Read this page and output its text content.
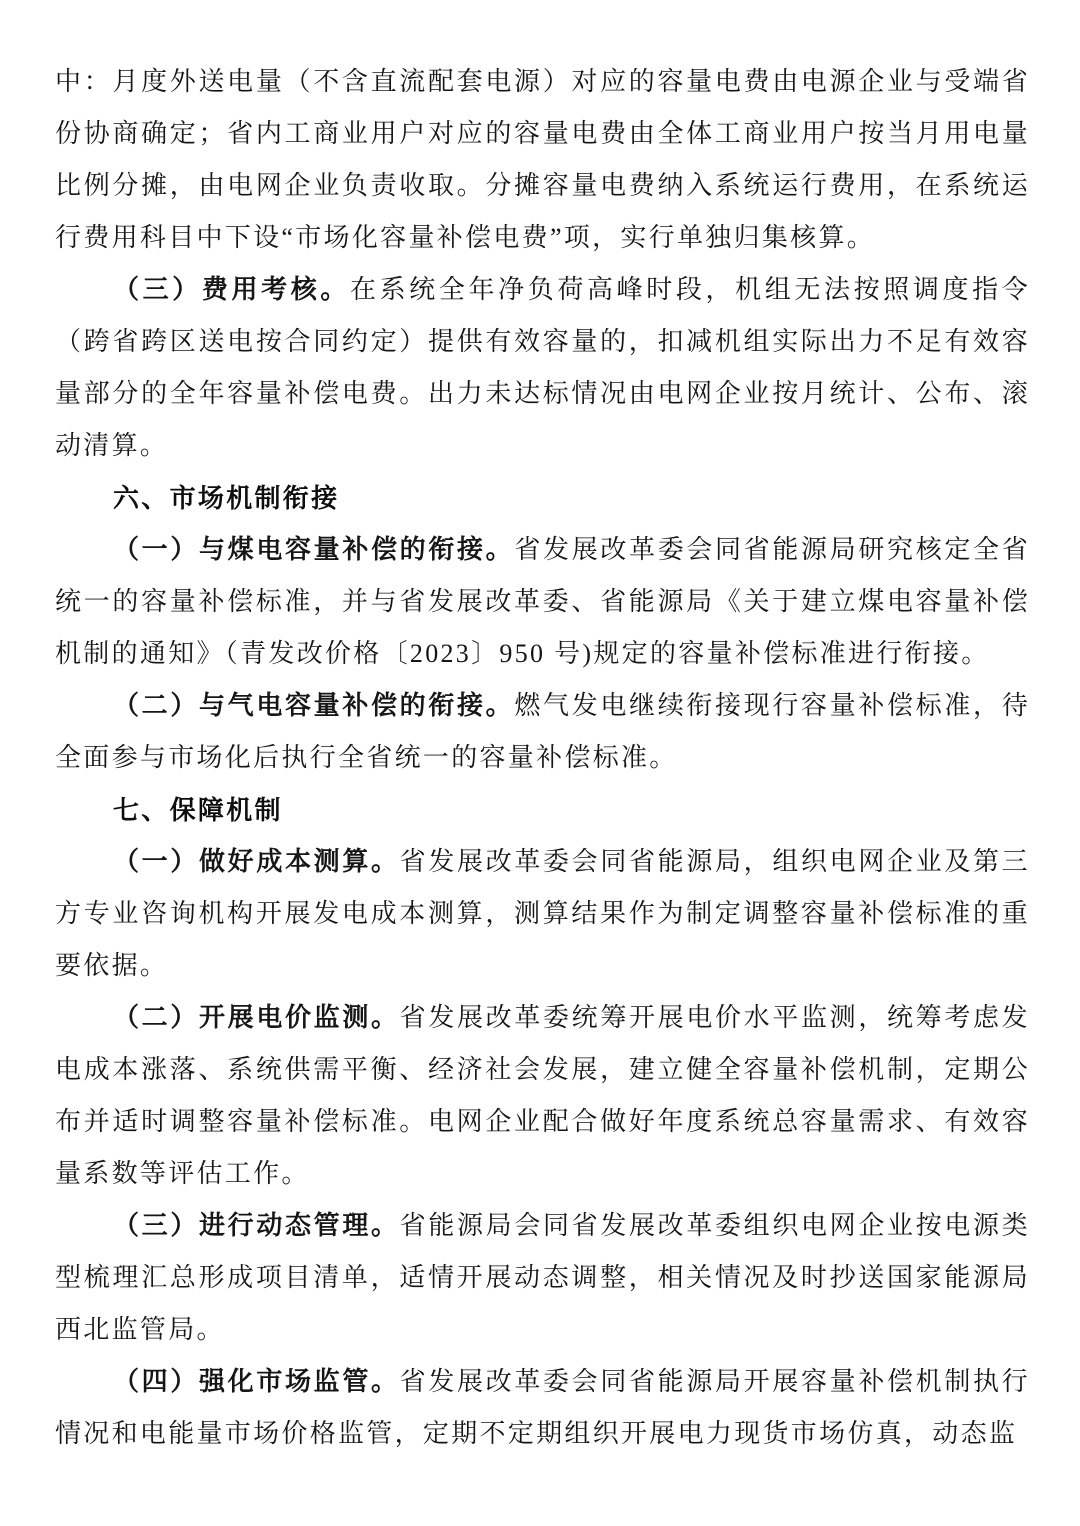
中：月度外送电量（不含直流配套电源）对应的容量电费由电源企业与受端省份协商确定；省内工商业用户对应的容量电费由全体工商业用户按当月用电量比例分摊，由电网企业负责收取。分摊容量电费纳入系统运行费用，在系统运行费用科目中下设“市场化容量补偿电费”项，实行单独归集核算。

（三）费用考核。在系统全年净负荷高峰时段，机组无法按照调度指令（跨省跨区送电按合同约定）提供有效容量的，扣减机组实际出力不足有效容量部分的全年容量补偿电费。出力未达标情况由电网企业按月统计、公布、滚动清算。

六、市场机制衔接

（一）与煤电容量补偿的衔接。省发展改革委会同省能源局研究核定全省统一的容量补偿标准，并与省发展改革委、省能源局《关于建立煤电容量补偿机制的通知》（青发改价格〔2023〕950 号)规定的容量补偿标准进行衔接。

（二）与气电容量补偿的衔接。燃气发电继续衔接现行容量补偿标准，待全面参与市场化后执行全省统一的容量补偿标准。

七、保障机制

（一）做好成本测算。省发展改革委会同省能源局，组织电网企业及第三方专业咨询机构开展发电成本测算，测算结果作为制定调整容量补偿标准的重要依据。

（二）开展电价监测。省发展改革委统筹开展电价水平监测，统筹考虑发电成本涨落、系统供需平衡、经济社会发展，建立健全容量补偿机制，定期公布并适时调整容量补偿标准。电网企业配合做好年度系统总容量需求、有效容量系数等评估工作。

（三）进行动态管理。省能源局会同省发展改革委组织电网企业按电源类型梳理汇总形成项目清单，适情开展动态调整，相关情况及时抄送国家能源局西北监管局。

（四）强化市场监管。省发展改革委会同省能源局开展容量补偿机制执行情况和电能量市场价格监管，定期不定期组织开展电力现货市场仿真，动态监
